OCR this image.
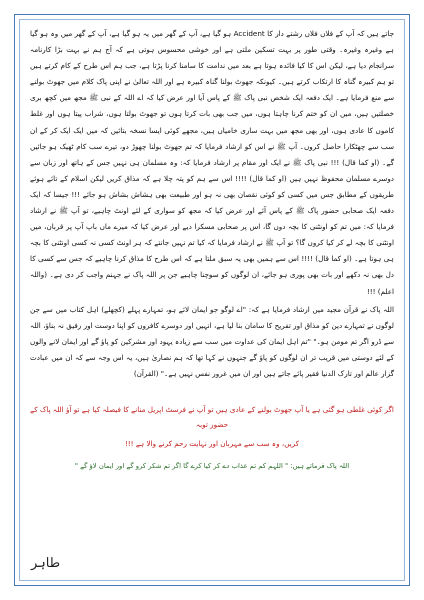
جاتے ہیں کہ آپ کے فلاں فلاں رشتے دار کا Accident ہو گیا ہے، آپ کے گھر میں یہ ہو گیا ہے، آپ کے گھر میں وہ ہو گیا ہے وغیرہ وغیرہ۔ وقتی طور پر بہت تسکین ملتی ہے اور خوشی محسوس ہوتی ہے کہ آج ہم نے بہت بڑا کارنامہ سرانجام دیا ہے، لیکن اس کا کیا فائدہ ہوتا ہے بعد میں ندامت کا سامنا کرنا پڑتا ہے، جب ہم اس طرح کے کام کرتے ہیں تو ہم کبیرہ گناہ کا ارتکاب کرتے ہیں۔ کیونکہ جھوٹ بولنا گناہ کبیرہ ہے اور اللہ تعالیٰ نے اپنی پاک کلام میں جھوٹ بولنے سے منع فرمایا ہے۔ ایک دفعہ ایک شخص نبی پاک ﷺ کے پاس آیا اور عرض کیا کہ اے اللہ کے نبی ﷺ مجھ میں کچھ بری خصلتیں ہیں، میں ان کو ختم کرنا چاہتا ہوں، میں جب بھی بات کرتا ہوں تو جھوٹ بولتا ہوں، شراب پیتا ہوں اور غلط کاموں کا عادی ہوں، اور بھی مجھ میں بہت ساری خامیاں ہیں، مجھے کوئی ایسا نسخہ بتائیں کہ میں ایک ایک کر کے ان سب سے چھٹکارا حاصل کروں۔ آپ ﷺ نے اس کو ارشاد فرمایا کہ تم جھوٹ بولنا چھوڑ دو، تیرے سب کام ٹھیک ہو جائیں گے۔ (او کما قال) !!! نبی پاک ﷺ نے ایک اور مقام پر ارشاد فرمایا کہ: وہ مسلمان ہی نہیں جس کے ہاتھ اور زبان سے دوسرے مسلمان محفوظ نہیں ہیں (او کما قال) !!!! اس سے ہم کو پتہ چلا ہے کہ مذاق کریں لیکن اسلام کے تائے ہوئے طریقوں کے مطابق جس میں کسی کو کوئی نقصان بھی نہ ہو اور طبیعت بھی ہشاش بشاش ہو جائے !!! جیسا کہ ایک دفعہ ایک صحابی حضور پاک ﷺ کے پاس آئے اور عرض کیا کہ مجھ کو سواری کے لئے اونٹ چاہیے، تو آپ ﷺ نے ارشاد فرمایا کہ: میں تم کو اونٹنی کا بچہ دوں گا، اس پر صحابی مسکرا دیے اور عرض کیا کہ میرے ماں باپ آپ پر قربان، میں اونٹنی کا بچہ لے کر کیا کروں گا؟ تو آپ ﷺ نے ارشاد فرمایا کہ کیا تم نہیں جانتے کہ ہر اونٹ کسی نہ کسی اونٹنی کا بچہ ہی ہوتا ہے۔ (او کما قال) !!!! اس سے ہمیں بھی یہ سبق ملتا ہے کہ اس طرح کا مذاق کرنا چاہیے کہ جس سے کسی کا دل بھی نہ دکھے اور بات بھی پوری ہو جائے، ان لوگوں کو سوچنا چاہیے جن پر اللہ پاک نے جہنم واجب کر دی ہے۔ (واللہ اعلم) !!!

اللہ پاک نے قرآن مجید میں ارشاد فرمایا ہے کہ: "اے لوگو جو ایمان لائے ہو، تمہارے پہلے (کچھلے) اہل کتاب میں سے جن لوگوں نے تمہارے دین کو مذاق اور تفریح کا سامان بنا لیا ہے، انہیں اور دوسرے کافروں کو اپنا دوست اور رفیق نہ بناؤ، اللہ سے ڈرو اگر تم مومن ہو۔" "تم اہل ایمان کی عداوت میں سب سے زیادہ یہود اور مشرکین کو پاؤ گے اور ایمان لانے والوں کے لئے دوستی میں قریب تر ان لوگوں کو پاؤ گے جنہوں نے کہا تھا کہ ہم نصاریٰ ہیں، یہ اس وجہ سے کہ ان میں عبادت گزار عالم اور تارک الدنیا فقیر پائے جاتے ہیں اور ان میں غرور نفس نہیں ہے۔" (القرآن)

اگر کوئی غلطی ہو گئی ہے یا آپ جھوٹ بولنے کے عادی ہیں تو آپ نے فرسٹ اپریل منانے کا فیصلہ کیا ہے تو آؤ اللہ پاک کے حضور توبہ

کریں، وہ سب سے مہربان اور نہایت رحم کرنے والا ہے !!!

اللہ پاک فرماتے ہیں: " اللہم کم تم عذاب دے کر کیا کرے گا اگر تم شکر کرو گے اور ایمان لاؤ گے "

طاہر
